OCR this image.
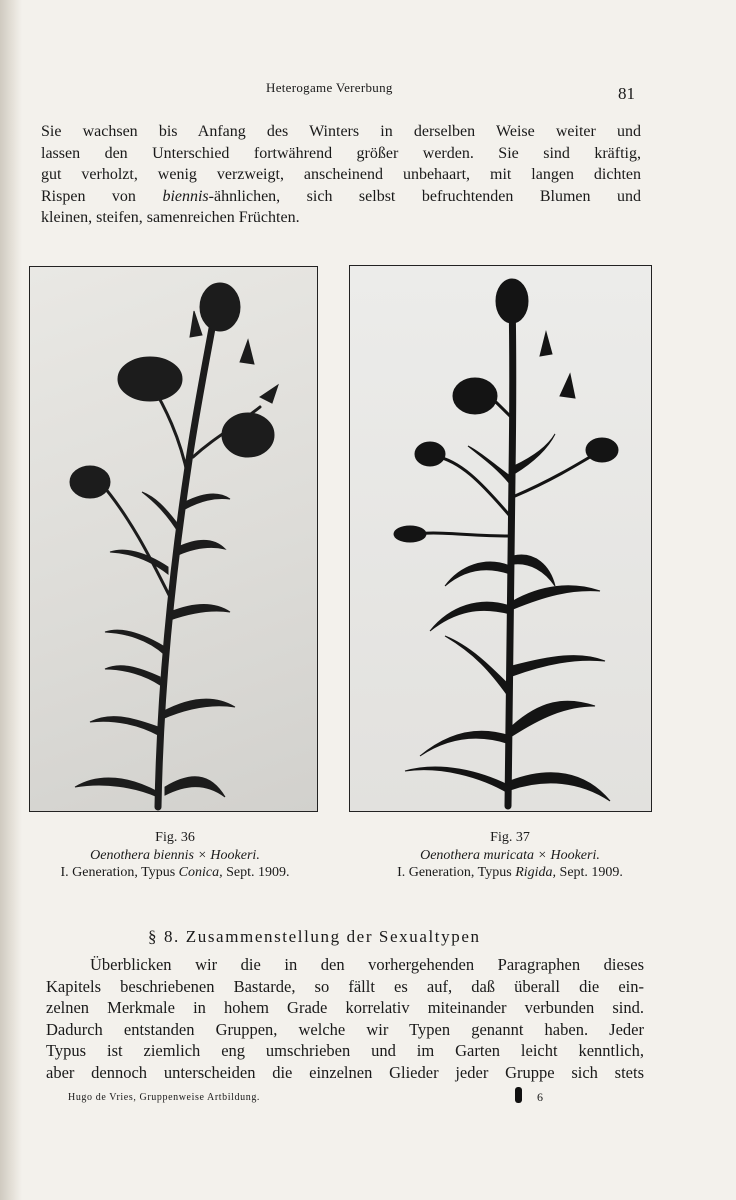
Heterogame Vererbung	81
Sie wachsen bis Anfang des Winters in derselben Weise weiter und
lassen den Unterschied fortwährend größer werden. Sie sind kräftig,
gut verholzt, wenig verzweigt, anscheinend unbehaart, mit langen dichten
Rispen von biennis-ähnlichen, sich selbst befruchtenden Blumen und
kleinen, steifen, samenreichen Früchten.
Fig. 36
Oenothera biennis × Hookeri.
I. Generation, Typus Conica, Sept. 1909.
Fig. 37
Oenothera muricata × Hookeri.
I. Generation, Typus Rigida, Sept. 1909.
§ 8. Zusammenstellung der Sexualtypen
Überblicken wir die in den vorhergehenden Paragraphen dieses
Kapitels beschriebenen Bastarde, so fällt es auf, daß überall die ein-
zelnen Merkmale in hohem Grade korrelativ miteinander verbunden sind.
Dadurch entstanden Gruppen, welche wir Typen genannt haben. Jeder
Typus ist ziemlich eng umschrieben und im Garten leicht kenntlich,
aber dennoch unterscheiden die einzelnen Glieder jeder Gruppe sich stets
Hugo de Vries, Gruppenweise Artbildung.	6
